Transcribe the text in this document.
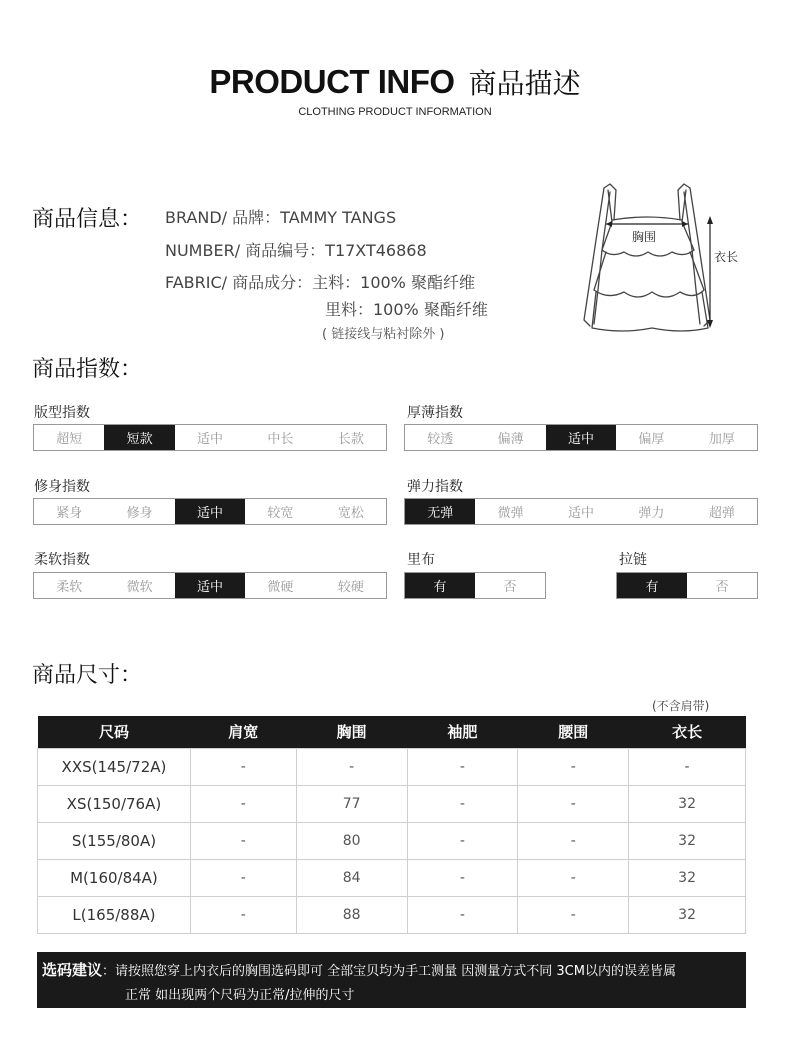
PRODUCT INFO 商品描述
CLOTHING PRODUCT INFORMATION
商品信息： BRAND/ 品牌：TAMMY TANGS
NUMBER/ 商品编号：T17XT46868
FABRIC/ 商品成分：主料：100% 聚酯纤维
里料：100% 聚酯纤维
( 链接线与粘衬除外 )
胸围
衣长
商品指数：
版型指数
超短	短款	适中	中长	长款
厚薄指数
较透	偏薄	适中	偏厚	加厚
修身指数
紧身	修身	适中	较宽	宽松
弹力指数
无弹	微弹	适中	弹力	超弹
柔软指数
柔软	微软	适中	微硬	较硬
里布
有	否
拉链
有	否
商品尺寸：
(不含肩带)
尺码	肩宽	胸围	袖肥	腰围	衣长
XXS(145/72A)	-	-	-	-	-
XS(150/76A)	-	77	-	-	32
S(155/80A)	-	80	-	-	32
M(160/84A)	-	84	-	-	32
L(165/88A)	-	88	-	-	32
选码建议：请按照您穿上内衣后的胸围选码即可 全部宝贝均为手工测量 因测量方式不同 3CM以内的误差皆属
正常 如出现两个尺码为正常/拉伸的尺寸
